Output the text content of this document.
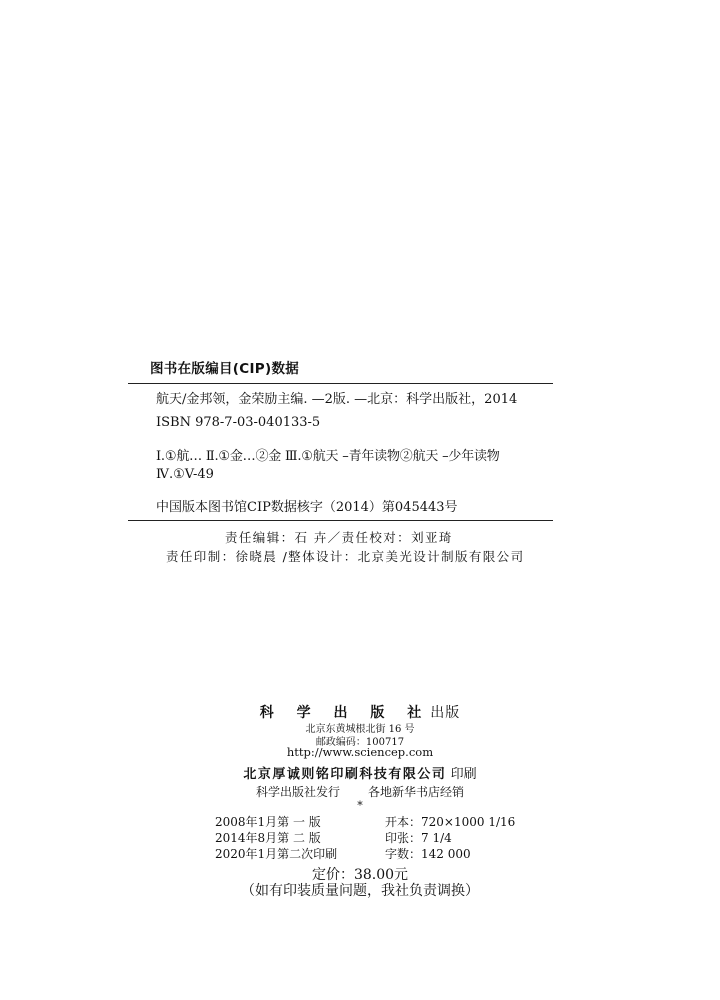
图书在版编目(CIP)数据
航天/金邦领，金荣励主编. —2版. —北京：科学出版社，2014
ISBN 978-7-03-040133-5
Ⅰ.①航… Ⅱ.①金…②金 Ⅲ.①航天 –青年读物②航天 –少年读物
Ⅳ.①V-49
中国版本图书馆CIP数据核字（2014）第045443号
责任编辑：石 卉／责任校对：刘亚琦
责任印制：徐晓晨 /整体设计：北京美光设计制版有限公司
科 学 出 版 社出版
北京东黄城根北街 16 号
邮政编码：100717
http://www.sciencep.com
北京厚诚则铭印刷科技有限公司 印刷
科学出版社发行 各地新华书店经销
*
2008年1月第 一 版	开本：720×1000 1/16
2014年8月第 二 版	印张：7 1/4
2020年1月第二次印刷	字数：142 000
定价：38.00元
（如有印装质量问题，我社负责调换）
